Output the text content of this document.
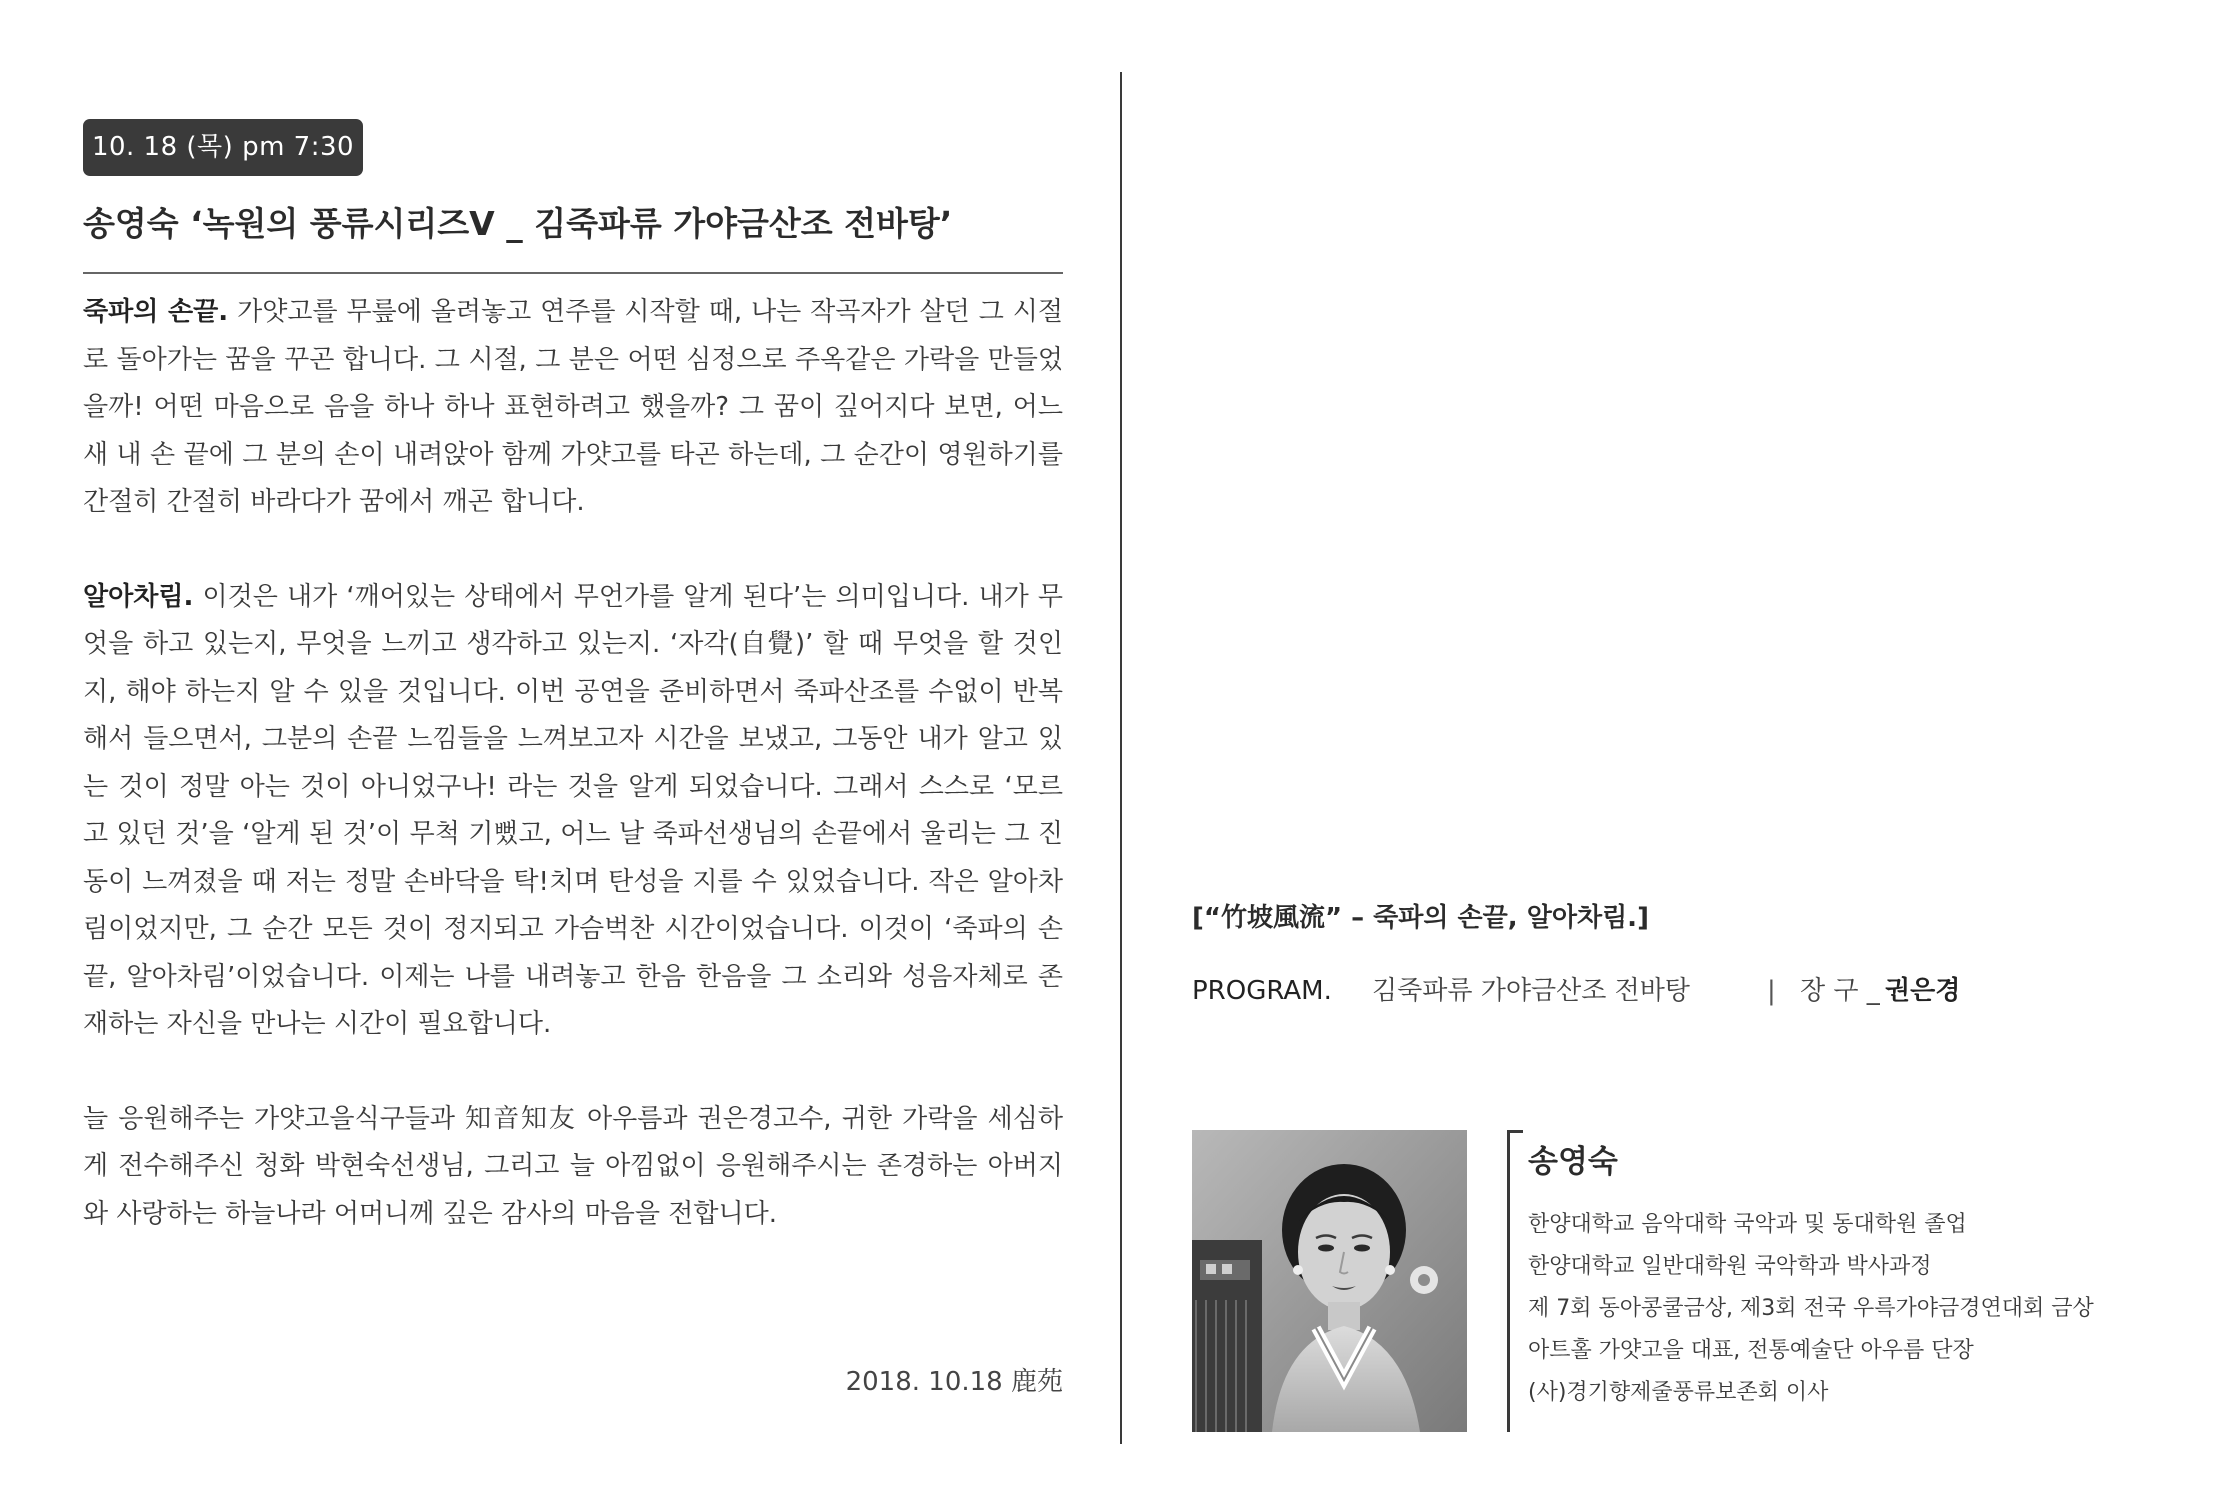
10. 18 (목) pm 7:30
송영숙 ‘녹원의 풍류시리즈V _ 김죽파류 가야금산조 전바탕’

죽파의 손끝. 가얏고를 무릎에 올려놓고 연주를 시작할 때, 나는 작곡자가 살던 그 시절로 돌아가는 꿈을 꾸곤 합니다. 그 시절, 그 분은 어떤 심정으로 주옥같은 가락을 만들었을까! 어떤 마음으로 음을 하나 하나 표현하려고 했을까? 그 꿈이 깊어지다 보면, 어느새 내 손 끝에 그 분의 손이 내려앉아 함께 가얏고를 타곤 하는데, 그 순간이 영원하기를 간절히 간절히 바라다가 꿈에서 깨곤 합니다.

알아차림. 이것은 내가 ‘깨어있는 상태에서 무언가를 알게 된다’는 의미입니다. 내가 무엇을 하고 있는지, 무엇을 느끼고 생각하고 있는지. ‘자각(自覺)’ 할 때 무엇을 할 것인지, 해야 하는지 알 수 있을 것입니다. 이번 공연을 준비하면서 죽파산조를 수없이 반복해서 들으면서, 그분의 손끝 느낌들을 느껴보고자 시간을 보냈고, 그동안 내가 알고 있는 것이 정말 아는 것이 아니었구나! 라는 것을 알게 되었습니다. 그래서 스스로 ‘모르고 있던 것’을 ‘알게 된 것’이 무척 기뻤고, 어느 날 죽파선생님의 손끝에서 울리는 그 진동이 느껴졌을 때 저는 정말 손바닥을 탁!치며 탄성을 지를 수 있었습니다. 작은 알아차림이었지만, 그 순간 모든 것이 정지되고 가슴벅찬 시간이었습니다. 이것이 ‘죽파의 손끝, 알아차림’이었습니다. 이제는 나를 내려놓고 한음 한음을 그 소리와 성음자체로 존재하는 자신을 만나는 시간이 필요합니다.

늘 응원해주는 가얏고을식구들과 知音知友 아우름과 권은경고수, 귀한 가락을 세심하게 전수해주신 청화 박현숙선생님, 그리고 늘 아낌없이 응원해주시는 존경하는 아버지와 사랑하는 하늘나라 어머니께 깊은 감사의 마음을 전합니다.

2018. 10.18 鹿苑
[“竹坡風流” – 죽파의 손끝, 알아차림.]
PROGRAM. 김죽파류 가야금산조 전바탕	| 장 구 _ 권은경
송영숙
한양대학교 음악대학 국악과 및 동대학원 졸업
한양대학교 일반대학원 국악학과 박사과정
제 7회 동아콩쿨금상, 제3회 전국 우륵가야금경연대회 금상
아트홀 가얏고을 대표, 전통예술단 아우름 단장
(사)경기향제줄풍류보존회 이사
